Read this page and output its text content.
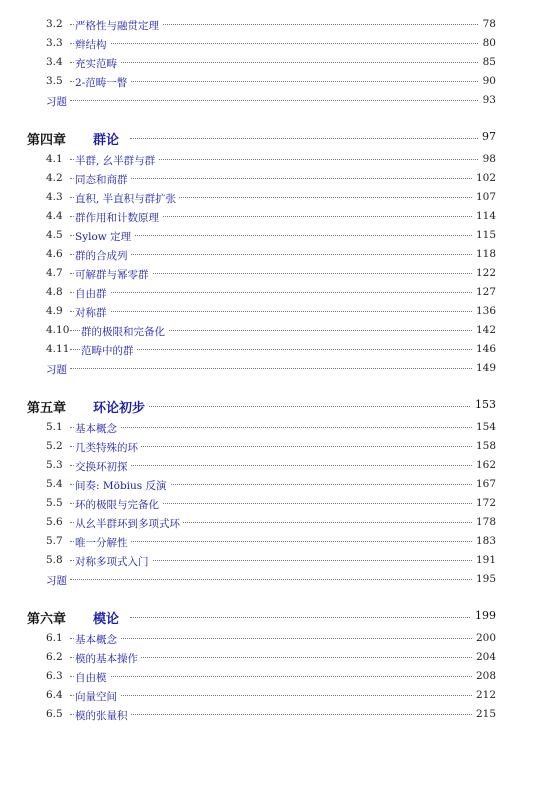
3.2 严格性与融贯定理	78
3.3 辫结构	80
3.4 充实范畴	85
3.5 2-范畴一瞥	90
习题	93
第四章 群论	97
4.1 半群, 幺半群与群	98
4.2 同态和商群	102
4.3 直积, 半直积与群扩张	107
4.4 群作用和计数原理	114
4.5 Sylow 定理	115
4.6 群的合成列	118
4.7 可解群与幂零群	122
4.8 自由群	127
4.9 对称群	136
4.10 群的极限和完备化	142
4.11 范畴中的群	146
习题	149
第五章 环论初步	153
5.1 基本概念	154
5.2 几类特殊的环	158
5.3 交换环初探	162
5.4 间奏: Möbius 反演	167
5.5 环的极限与完备化	172
5.6 从幺半群环到多项式环	178
5.7 唯一分解性	183
5.8 对称多项式入门	191
习题	195
第六章 模论	199
6.1 基本概念	200
6.2 模的基本操作	204
6.3 自由模	208
6.4 向量空间	212
6.5 模的张量积	215
